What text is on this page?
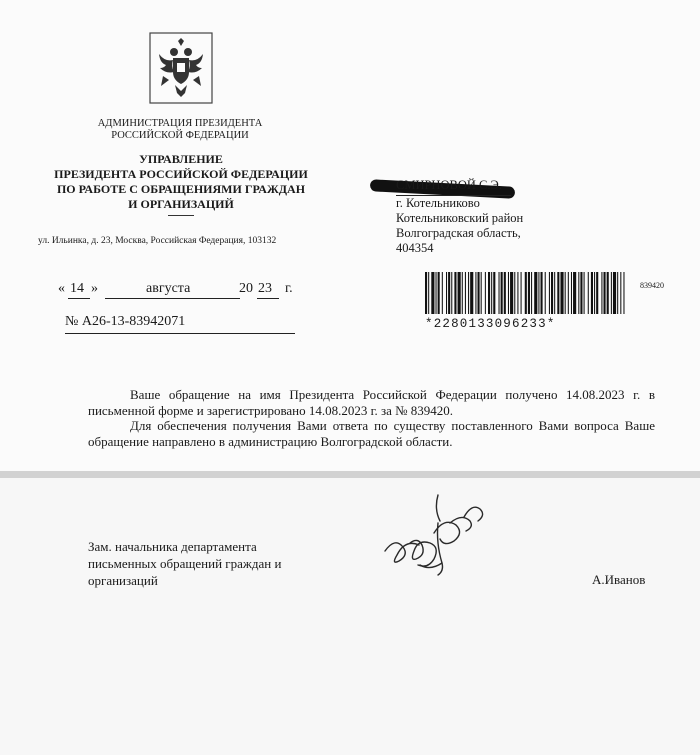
АДМИНИСТРАЦИЯ ПРЕЗИДЕНТА
РОССИЙСКОЙ ФЕДЕРАЦИИ
УПРАВЛЕНИЕ
ПРЕЗИДЕНТА РОССИЙСКОЙ ФЕДЕРАЦИИ
ПО РАБОТЕ С ОБРАЩЕНИЯМИ ГРАЖДАН
И ОРГАНИЗАЦИЙ
ул. Ильинка, д. 23, Москва, Российская Федерация, 103132
« 14 »	августа	20 23 г.
№ А26-13-83942071
СМИРНОВОЙ С.Э.
г. Котельниково
Котельниковский район
Волгоградская область,
404354
*2280133096233*
839420

Ваше обращение на имя Президента Российской Федерации получено 14.08.2023 г. в письменной форме и зарегистрировано 14.08.2023 г. за № 839420.

Для обеспечения получения Вами ответа по существу поставленного Вами вопроса Ваше обращение направлено в администрацию Волгоградской области.

Зам. начальника департамента
письменных обращений граждан и
организаций	А.Иванов
